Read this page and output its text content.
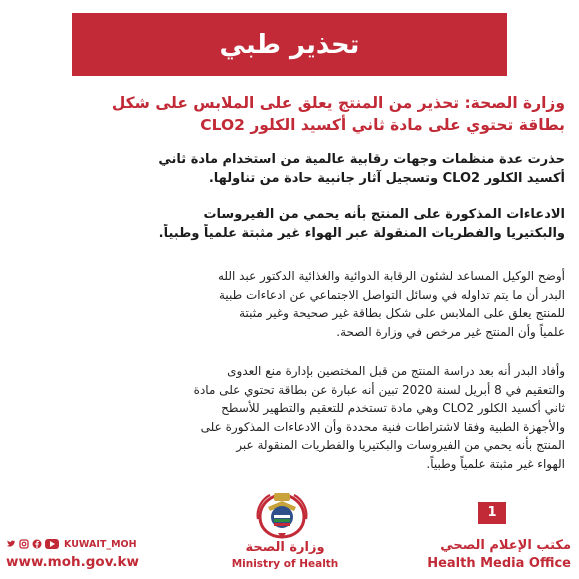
تحذير طبي
وزارة الصحة: تحذير من المنتج يعلق على الملابس على شكل
بطاقة تحتوي على مادة ثاني أكسيد الكلور CLO2
حذرت عدة منظمات وجهات رقابية عالمية من استخدام مادة ثاني
أكسيد الكلور CLO2 وتسجيل آثار جانبية حادة من تناولها.
الادعاءات المذكورة على المنتج بأنه يحمي من الفيروسات
والبكتيريا والفطريات المنقولة عبر الهواء غير مثبتة علمياً وطبياً.
أوضح الوكيل المساعد لشئون الرقابة الدوائية والغذائية الدكتور عبد الله
البدر أن ما يتم تداوله في وسائل التواصل الاجتماعي عن ادعاءات طبية
للمنتج يعلق على الملابس على شكل بطاقة غير صحيحة وغير مثبتة
علمياً وأن المنتج غير مرخص في وزارة الصحة.
وأفاد البدر أنه بعد دراسة المنتج من قبل المختصين بإدارة منع العدوى
والتعقيم في 8 أبريل لسنة 2020 تبين أنه عبارة عن بطاقة تحتوي على مادة
ثاني أكسيد الكلور CLO2 وهي مادة تستخدم للتعقيم والتطهير للأسطح
والأجهزة الطبية وفقا لاشتراطات فنية محددة وأن الادعاءات المذكورة على
المنتج بأنه يحمي من الفيروسات والبكتيريا والفطريات المنقولة عبر
الهواء غير مثبتة علمياً وطبياً.
KUWAIT_MOH
www.moh.gov.kw
وزارة الصحة
Ministry of Health
1
مكتب الإعلام الصحي
Health Media Office
